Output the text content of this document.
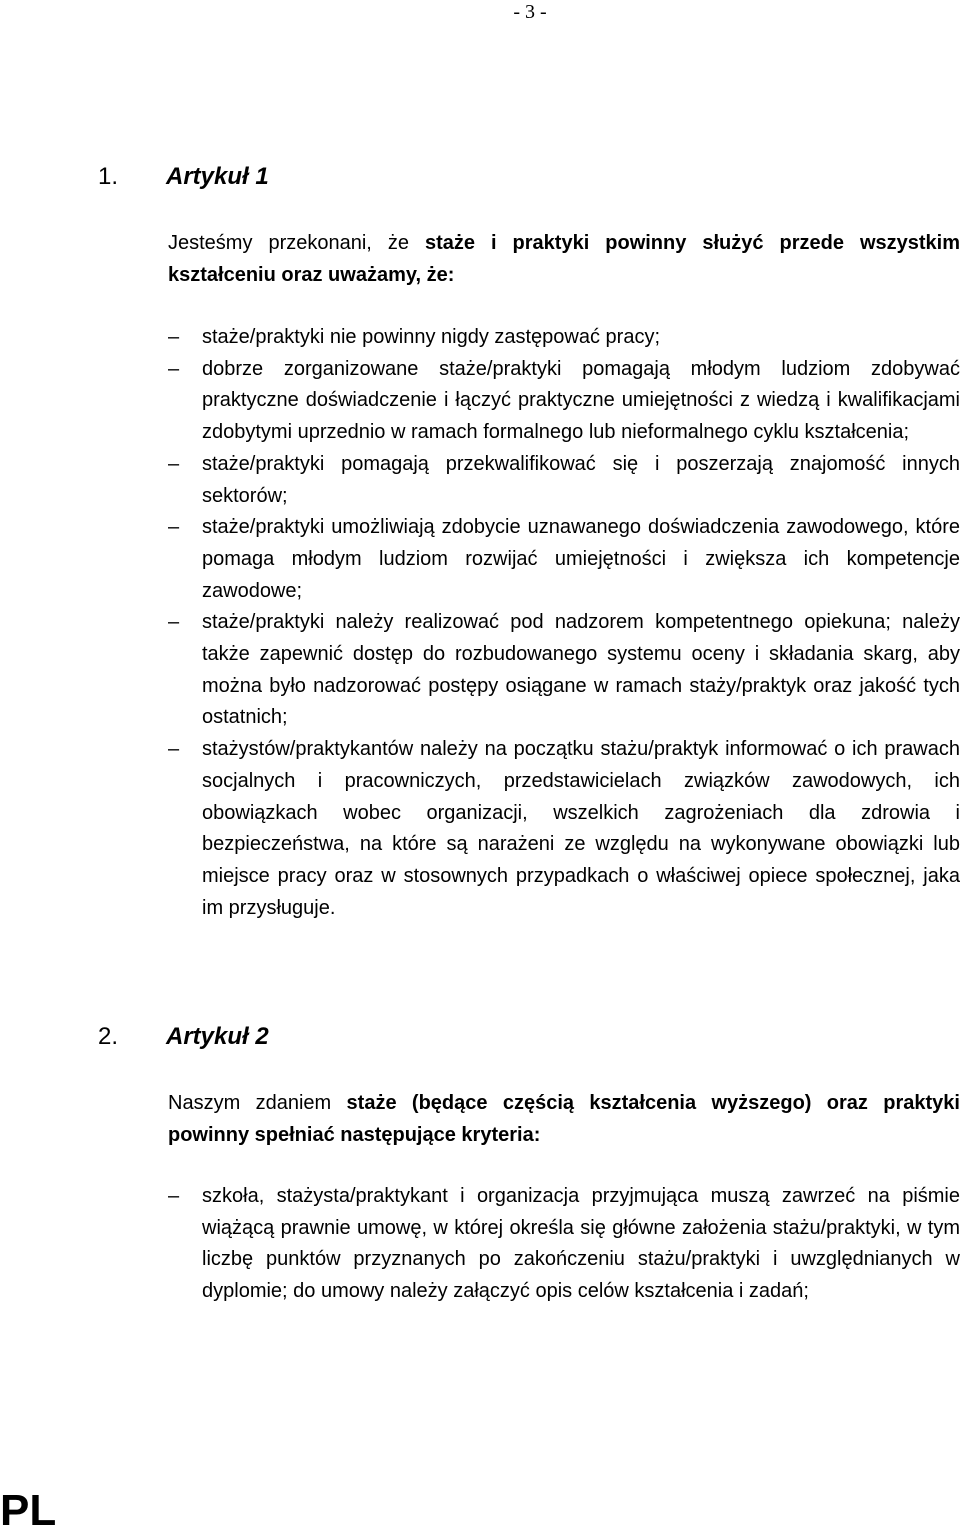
- 3 -
1. Artykuł 1

Jesteśmy przekonani, że staże i praktyki powinny służyć przede wszystkim kształceniu oraz uważamy, że:

–	staże/praktyki nie powinny nigdy zastępować pracy;
–	dobrze zorganizowane staże/praktyki pomagają młodym ludziom zdobywać praktyczne doświadczenie i łączyć praktyczne umiejętności z wiedzą i kwalifikacjami zdobytymi uprzednio w ramach formalnego lub nieformalnego cyklu kształcenia;
–	staże/praktyki pomagają przekwalifikować się i poszerzają znajomość innych sektorów;
–	staże/praktyki umożliwiają zdobycie uznawanego doświadczenia zawodowego, które pomaga młodym ludziom rozwijać umiejętności i zwiększa ich kompetencje zawodowe;
–	staże/praktyki należy realizować pod nadzorem kompetentnego opiekuna; należy także zapewnić dostęp do rozbudowanego systemu oceny i składania skarg, aby można było nadzorować postępy osiągane w ramach staży/praktyk oraz jakość tych ostatnich;
–	stażystów/praktykantów należy na początku stażu/praktyk informować o ich prawach socjalnych i pracowniczych, przedstawicielach związków zawodowych, ich obowiązkach wobec organizacji, wszelkich zagrożeniach dla zdrowia i bezpieczeństwa, na które są narażeni ze względu na wykonywane obowiązki lub miejsce pracy oraz w stosownych przypadkach o właściwej opiece społecznej, jaka im przysługuje.
2. Artykuł 2

Naszym zdaniem staże (będące częścią kształcenia wyższego) oraz praktyki powinny spełniać następujące kryteria:

–	szkoła, stażysta/praktykant i organizacja przyjmująca muszą zawrzeć na piśmie wiążącą prawnie umowę, w której określa się główne założenia stażu/praktyki, w tym liczbę punktów przyznanych po zakończeniu stażu/praktyki i uwzględnianych w dyplomie; do umowy należy załączyć opis celów kształcenia i zadań;
PL
